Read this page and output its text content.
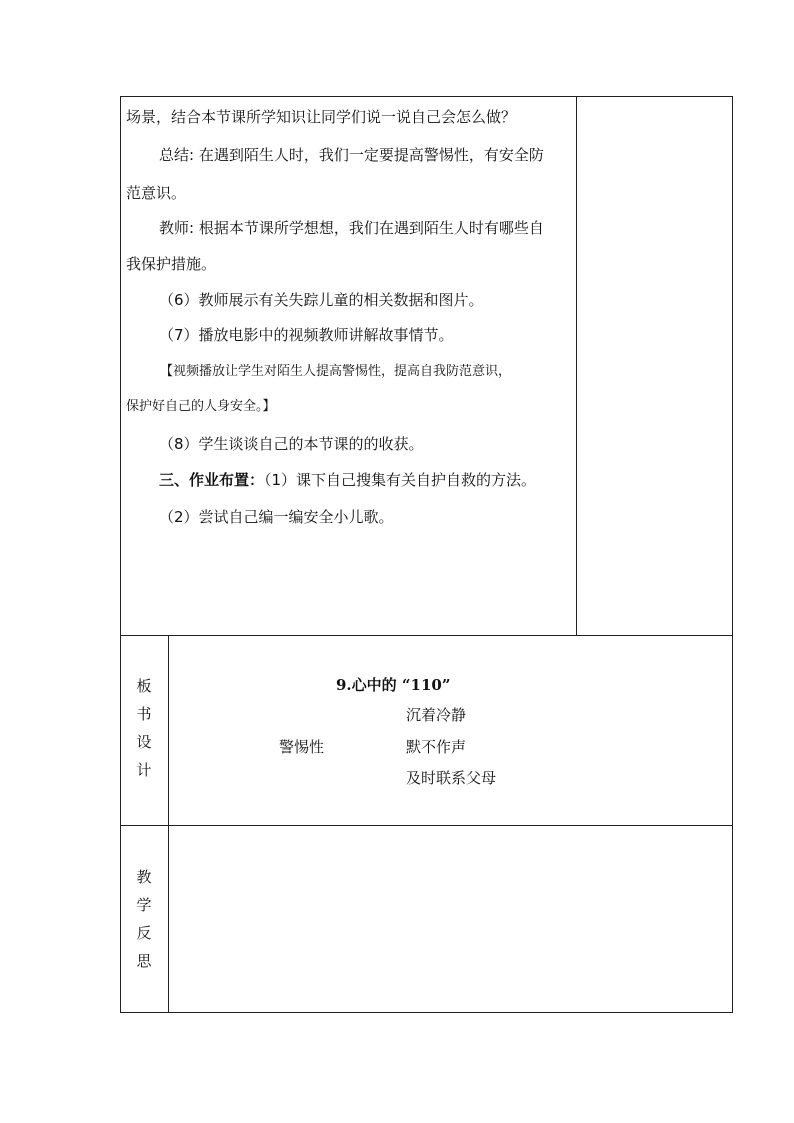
场景，结合本节课所学知识让同学们说一说自己会怎么做？
总结: 在遇到陌生人时，我们一定要提高警惕性，有安全防
范意识。
教师: 根据本节课所学想想，我们在遇到陌生人时有哪些自
我保护措施。
（6）教师展示有关失踪儿童的相关数据和图片。
（7）播放电影中的视频教师讲解故事情节。
【视频播放让学生对陌生人提高警惕性，提高自我防范意识，
保护好自己的人身安全。】
（8）学生谈谈自己的本节课的的收获。
三、作业布置：（1）课下自己搜集有关自护自救的方法。
（2）尝试自己编一编安全小儿歌。
板
书
设
计
9.心中的 “110”
警惕性
沉着冷静
默不作声
及时联系父母
教
学
反
思
